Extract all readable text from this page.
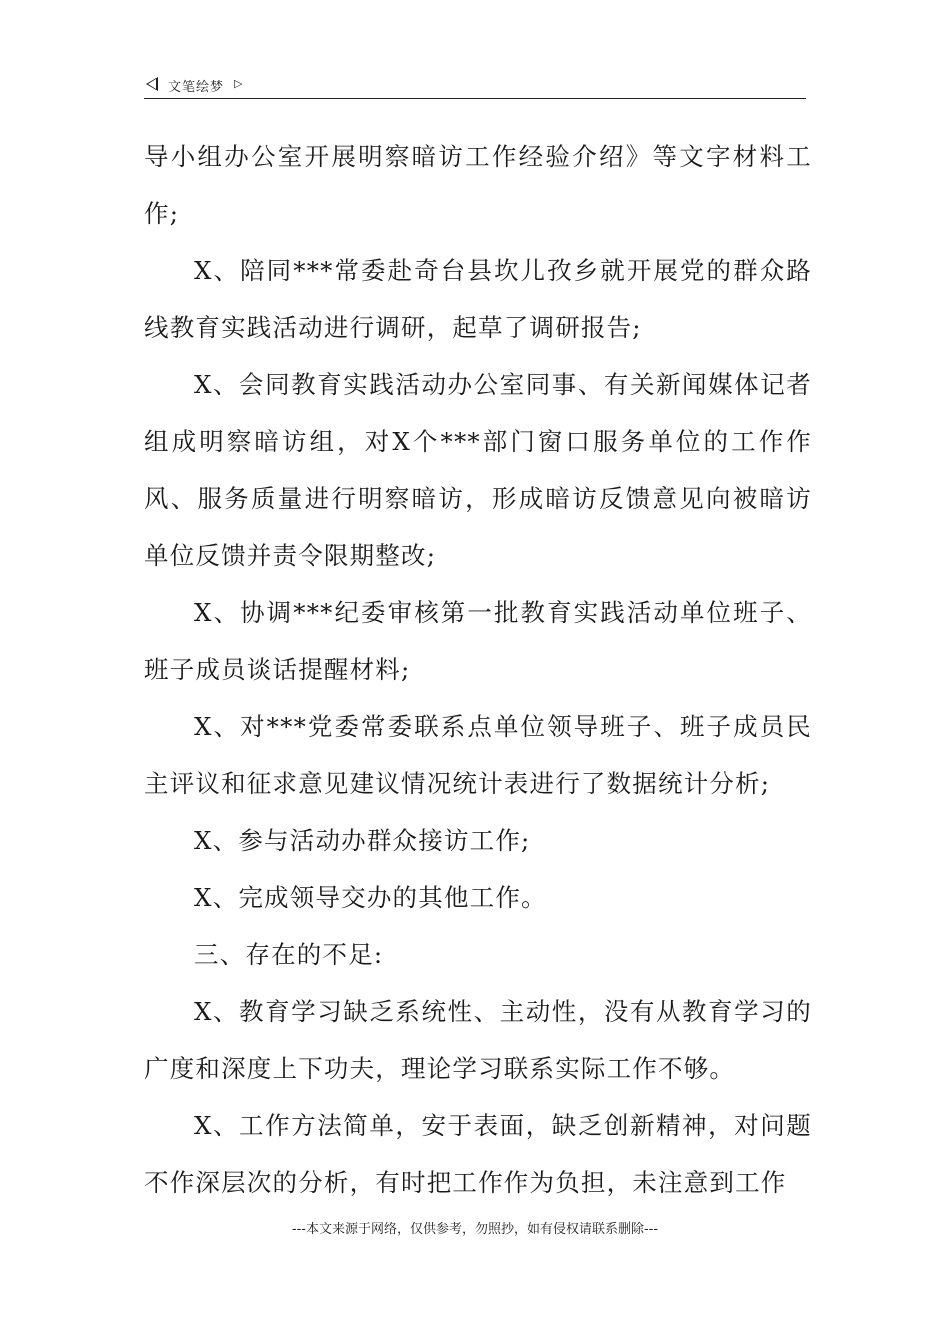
文笔绘梦 ▷

导小组办公室开展明察暗访工作经验介绍》等文字材料工作;

X、陪同***常委赴奇台县坎儿孜乡就开展党的群众路线教育实践活动进行调研，起草了调研报告;

X、会同教育实践活动办公室同事、有关新闻媒体记者组成明察暗访组，对X个***部门窗口服务单位的工作作风、服务质量进行明察暗访，形成暗访反馈意见向被暗访单位反馈并责令限期整改;

X、协调***纪委审核第一批教育实践活动单位班子、班子成员谈话提醒材料;

X、对***党委常委联系点单位领导班子、班子成员民主评议和征求意见建议情况统计表进行了数据统计分析;

X、参与活动办群众接访工作;

X、完成领导交办的其他工作。

三、存在的不足:

X、教育学习缺乏系统性、主动性，没有从教育学习的广度和深度上下功夫，理论学习联系实际工作不够。

X、工作方法简单，安于表面，缺乏创新精神，对问题不作深层次的分析，有时把工作作为负担，未注意到工作

---本文来源于网络，仅供参考，勿照抄，如有侵权请联系删除---
